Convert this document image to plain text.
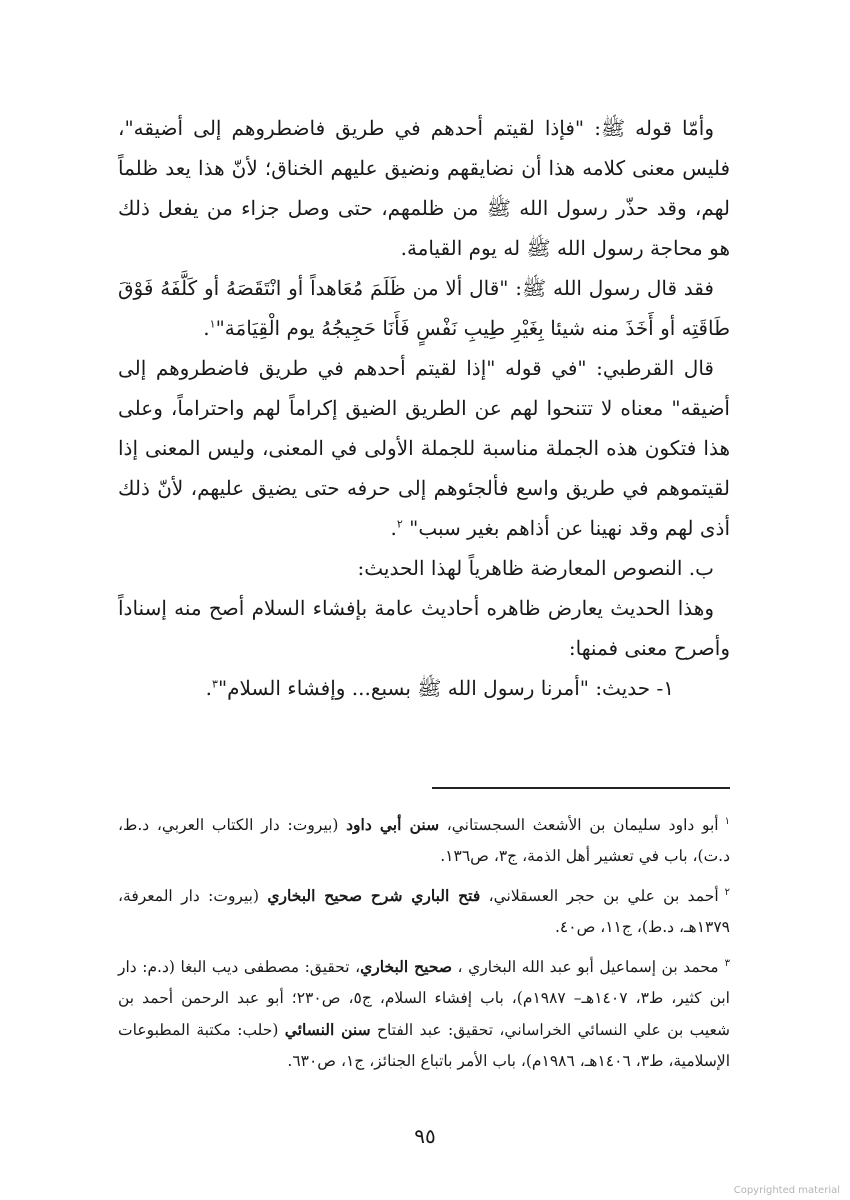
وأمّا قوله ﷺ: "فإذا لقيتم أحدهم في طريق فاضطروهم إلى أضيقه"، فليس معنى كلامه هذا أن نضايقهم ونضيق عليهم الخناق؛ لأنّ هذا يعد ظلماً لهم، وقد حذّر رسول الله ﷺ من ظلمهم، حتى وصل جزاء من يفعل ذلك هو محاجة رسول الله ﷺ له يوم القيامة.

فقد قال رسول الله ﷺ: "قال ألا من ظَلَمَ مُعَاهداً أو انْتَقَصَهُ أو كَلَّفَهُ فَوْقَ طَاقَتِه أو أَخَذَ منه شيئا بِغَيْرِ طِيبِ نَفْسٍ فَأَنَا حَجِيجُهُ يوم الْقِيَامَة"$^١$.

قال القرطبي: "في قوله "إذا لقيتم أحدهم في طريق فاضطروهم إلى أضيقه" معناه لا تتنحوا لهم عن الطريق الضيق إكراماً لهم واحتراماً، وعلى هذا فتكون هذه الجملة مناسبة للجملة الأولى في المعنى، وليس المعنى إذا لقيتموهم في طريق واسع فألجئوهم إلى حرفه حتى يضيق عليهم، لأنّ ذلك أذى لهم وقد نهينا عن أذاهم بغير سبب" $^٢$.

ب. النصوص المعارضة ظاهرياً لهذا الحديث:

وهذا الحديث يعارض ظاهره أحاديث عامة بإفشاء السلام أصح منه إسناداً وأصرح معنى فمنها:

١- حديث: "أمرنا رسول الله ﷺ بسبع... وإفشاء السلام"$^٣$.

$^١$أبو داود سليمان بن الأشعث السجستاني، سنن أبي داود (بيروت: دار الكتاب العربي، د.ط، د.ت)، باب في تعشير أهل الذمة، ج٣، ص١٣٦.

$^٢$أحمد بن علي بن حجر العسقلاني، فتح الباري شرح صحيح البخاري (بيروت: دار المعرفة، ١٣٧٩هـ، د.ط)، ج١١، ص٤٠.

$^٣$محمد بن إسماعيل أبو عبد الله البخاري ، صحيح البخاري، تحقيق: مصطفى ديب البغا (د.م: دار ابن كثير، ط٣، ١٤٠٧هـ– ١٩٨٧م)، باب إفشاء السلام، ج٥، ص٢٣٠؛ أبو عبد الرحمن أحمد بن شعيب بن علي النسائي الخراساني، تحقيق: عبد الفتاح سنن النسائي (حلب: مكتبة المطبوعات الإسلامية، ط٣، ١٤٠٦هـ، ١٩٨٦م)، باب الأمر باتباع الجنائز، ج١، ص٦٣٠.

٩٥
Copyrighted material
